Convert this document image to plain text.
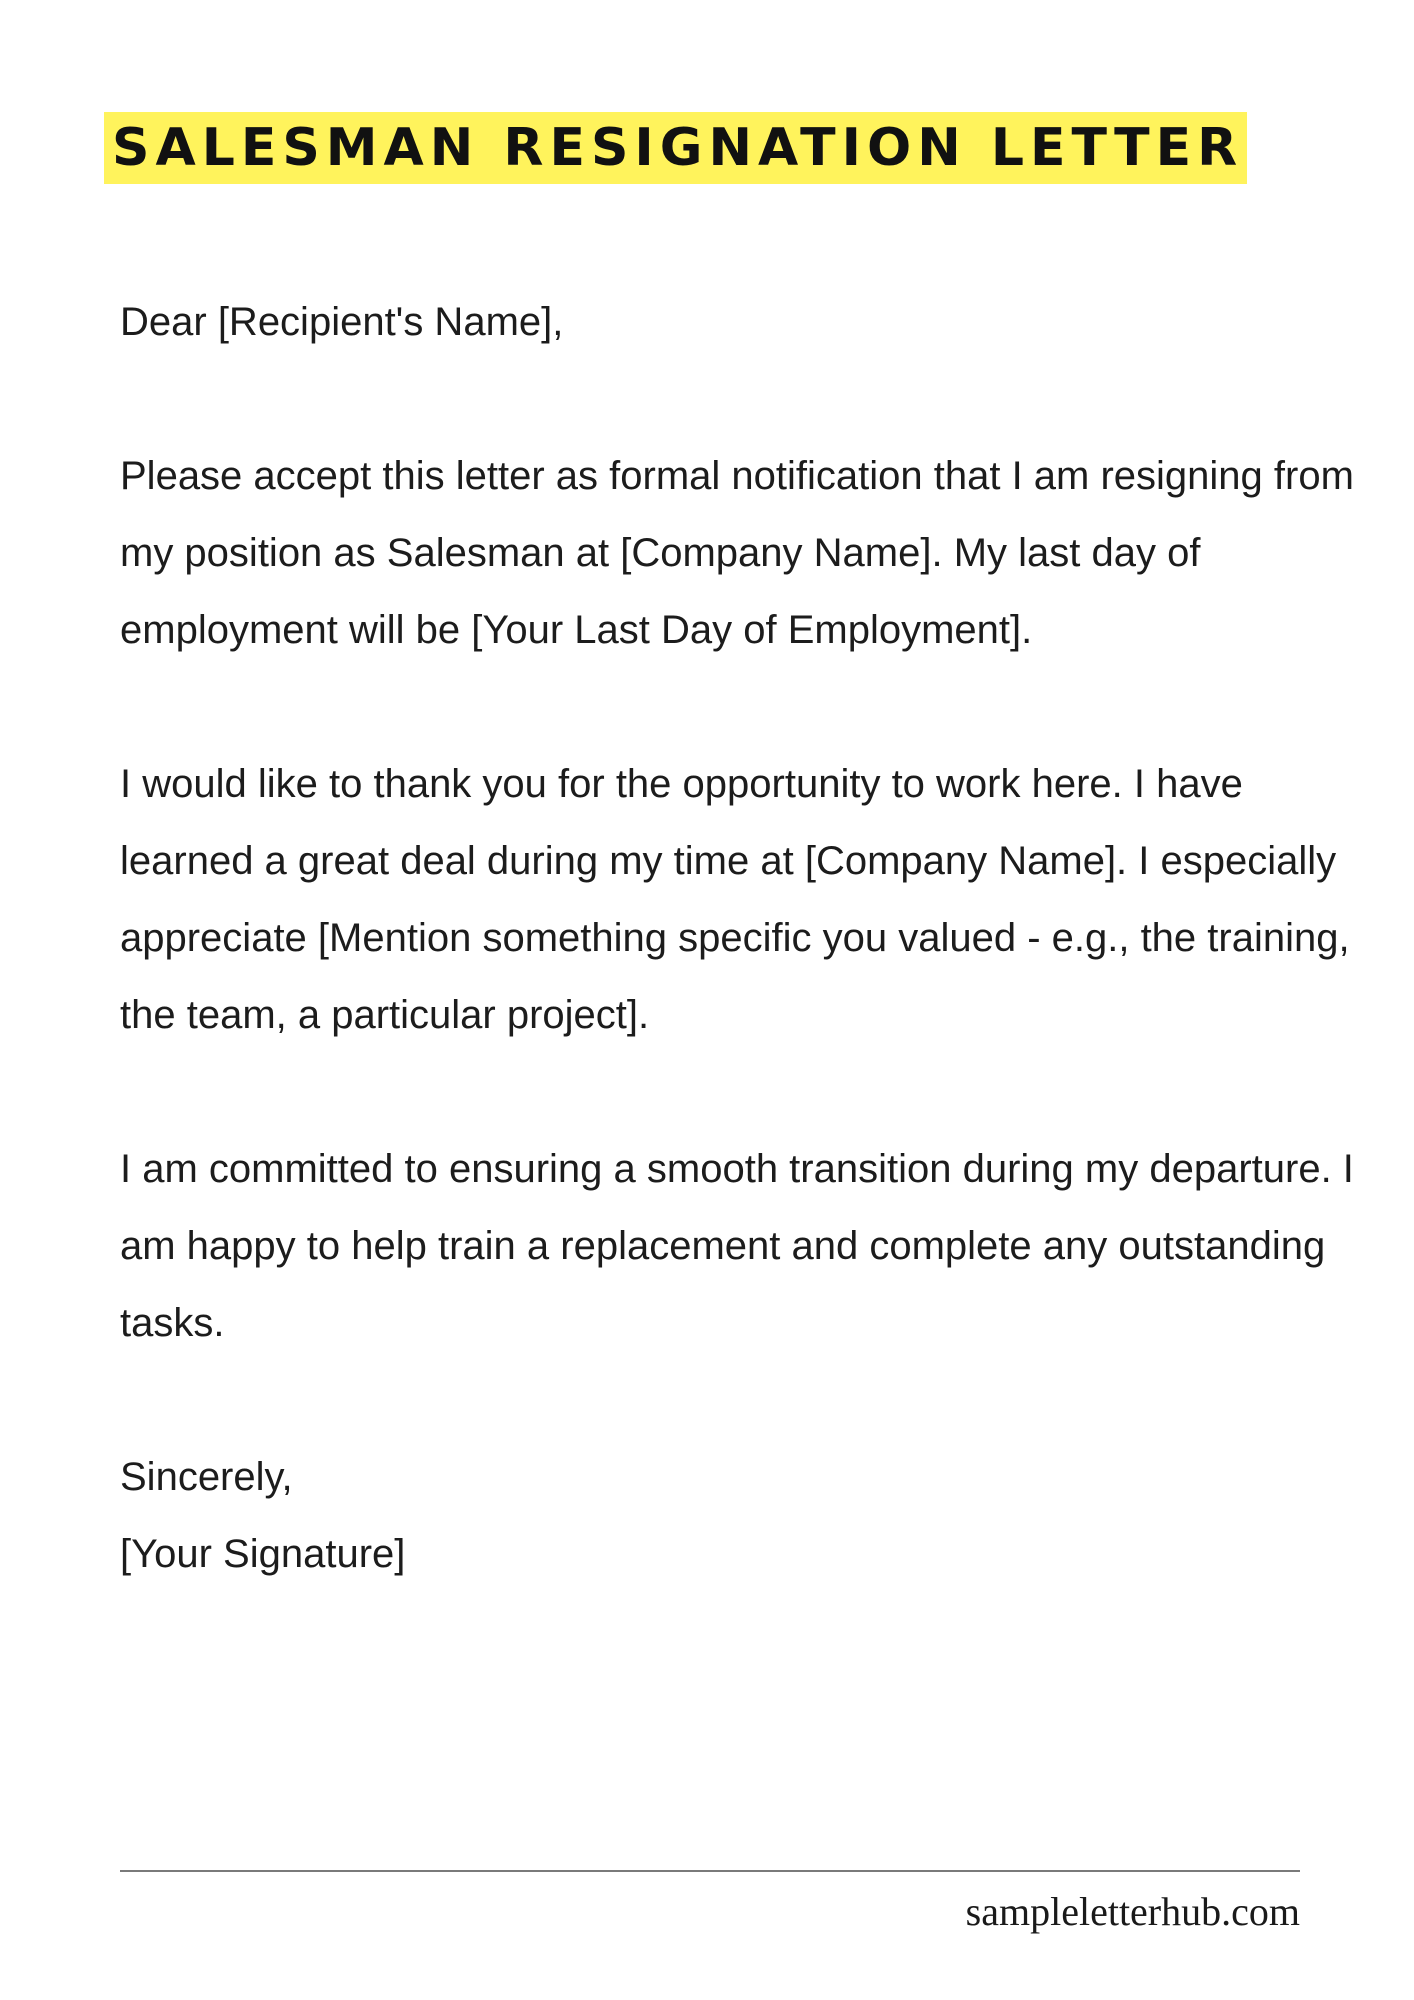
SALESMAN RESIGNATION LETTER

Dear [Recipient's Name],

Please accept this letter as formal notification that I am resigning from my position as Salesman at [Company Name]. My last day of employment will be [Your Last Day of Employment].

I would like to thank you for the opportunity to work here. I have learned a great deal during my time at [Company Name]. I especially appreciate [Mention something specific you valued - e.g., the training, the team, a particular project].

I am committed to ensuring a smooth transition during my departure. I am happy to help train a replacement and complete any outstanding tasks.

Sincerely,

[Your Signature]

sampleletterhub.com
